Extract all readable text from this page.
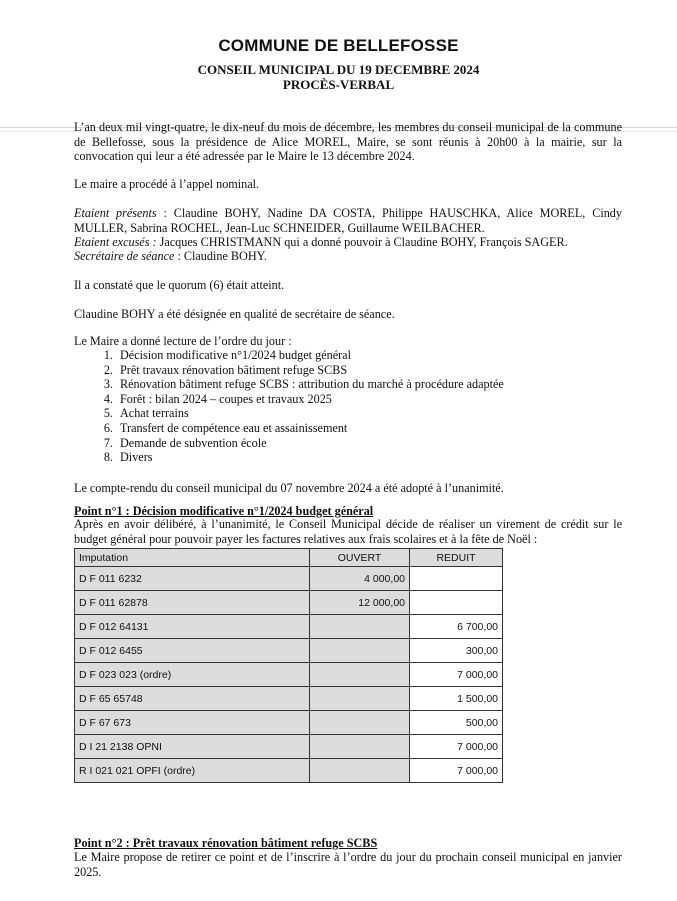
COMMUNE DE BELLEFOSSE
CONSEIL MUNICIPAL DU 19 DECEMBRE 2024
PROCÈS-VERBAL
L’an deux mil vingt-quatre, le dix-neuf du mois de décembre, les membres du conseil municipal de la commune de Bellefosse, sous la présidence de Alice MOREL, Maire, se sont réunis à 20h00 à la mairie, sur la convocation qui leur a été adressée par le Maire le 13 décembre 2024.
Le maire a procédé à l’appel nominal.
Etaient présents : Claudine BOHY, Nadine DA COSTA, Philippe HAUSCHKA, Alice MOREL, Cindy MULLER, Sabrina ROCHEL, Jean-Luc SCHNEIDER, Guillaume WEILBACHER.
Etaient excusés : Jacques CHRISTMANN qui a donné pouvoir à Claudine BOHY, François SAGER.
Secrétaire de séance : Claudine BOHY.
Il a constaté que le quorum (6) était atteint.
Claudine BOHY a été désignée en qualité de secrétaire de séance.
Le Maire a donné lecture de l’ordre du jour :
1. Décision modificative n°1/2024 budget général
2. Prêt travaux rénovation bâtiment refuge SCBS
3. Rénovation bâtiment refuge SCBS : attribution du marché à procédure adaptée
4. Forêt : bilan 2024 – coupes et travaux 2025
5. Achat terrains
6. Transfert de compétence eau et assainissement
7. Demande de subvention école
8. Divers
Le compte-rendu du conseil municipal du 07 novembre 2024 a été adopté à l’unanimité.
Point n°1 : Décision modificative n°1/2024 budget général
Après en avoir délibéré, à l’unanimité, le Conseil Municipal décide de réaliser un virement de crédit sur le budget général pour pouvoir payer les factures relatives aux frais scolaires et à la fête de Noël :
Imputation	OUVERT	REDUIT
D F 011 6232	4 000,00	
D F 011 62878	12 000,00	
D F 012 64131		6 700,00
D F 012 6455		300,00
D F 023 023 (ordre)		7 000,00
D F 65 65748		1 500,00
D F 67 673		500,00
D I 21 2138 OPNI		7 000,00
R I 021 021 OPFI (ordre)		7 000,00
Point n°2 : Prêt travaux rénovation bâtiment refuge SCBS
Le Maire propose de retirer ce point et de l’inscrire à l’ordre du jour du prochain conseil municipal en janvier 2025.
